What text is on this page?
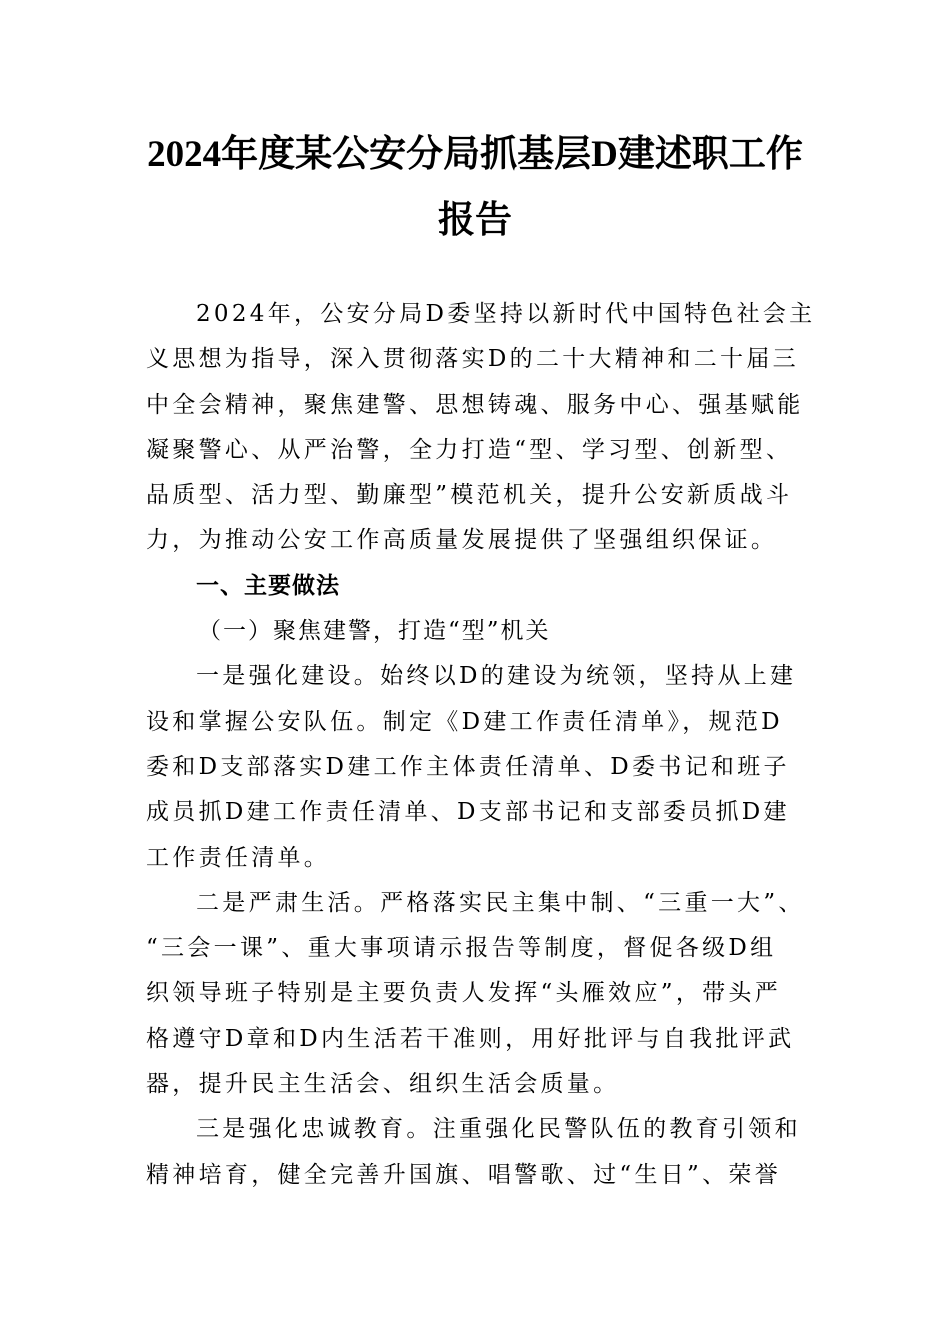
2024年度某公安分局抓基层D建述职工作
报告
2024年，公安分局D委坚持以新时代中国特色社会主
义思想为指导，深入贯彻落实D的二十大精神和二十届三
中全会精神，聚焦建警、思想铸魂、服务中心、强基赋能
凝聚警心、从严治警，全力打造“型、学习型、创新型、
品质型、活力型、勤廉型”模范机关，提升公安新质战斗
力，为推动公安工作高质量发展提供了坚强组织保证。
一、主要做法
（一）聚焦建警，打造“型”机关
一是强化建设。始终以D的建设为统领，坚持从上建
设和掌握公安队伍。制定《D建工作责任清单》，规范D
委和D支部落实D建工作主体责任清单、D委书记和班子
成员抓D建工作责任清单、D支部书记和支部委员抓D建
工作责任清单。
二是严肃生活。严格落实民主集中制、“三重一大”、
“三会一课”、重大事项请示报告等制度，督促各级D组
织领导班子特别是主要负责人发挥“头雁效应”，带头严
格遵守D章和D内生活若干准则，用好批评与自我批评武
器，提升民主生活会、组织生活会质量。
三是强化忠诚教育。注重强化民警队伍的教育引领和
精神培育，健全完善升国旗、唱警歌、过“生日”、荣誉
